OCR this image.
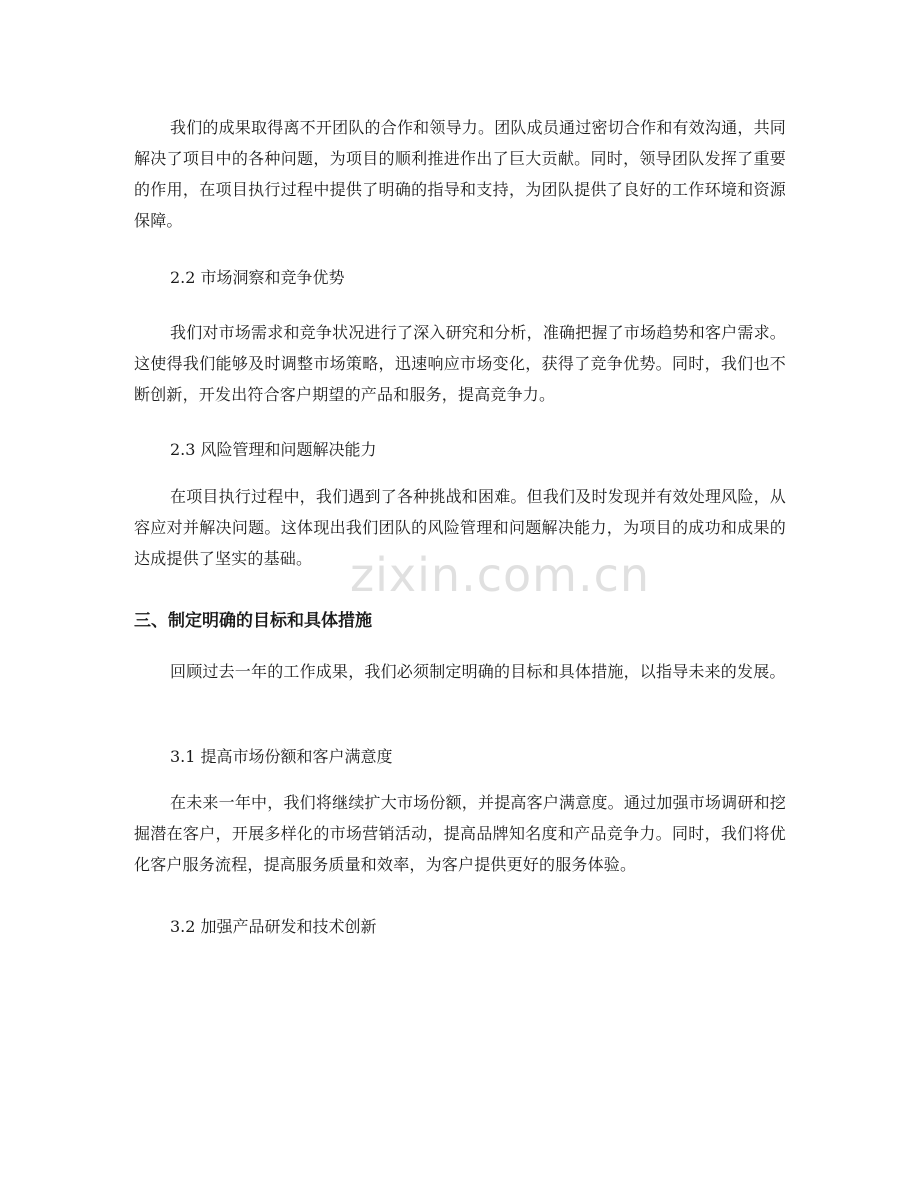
我们的成果取得离不开团队的合作和领导力。团队成员通过密切合作和有效沟通，共同解决了项目中的各种问题，为项目的顺利推进作出了巨大贡献。同时，领导团队发挥了重要的作用，在项目执行过程中提供了明确的指导和支持，为团队提供了良好的工作环境和资源保障。

2.2 市场洞察和竞争优势

我们对市场需求和竞争状况进行了深入研究和分析，准确把握了市场趋势和客户需求。这使得我们能够及时调整市场策略，迅速响应市场变化，获得了竞争优势。同时，我们也不断创新，开发出符合客户期望的产品和服务，提高竞争力。

2.3 风险管理和问题解决能力

在项目执行过程中，我们遇到了各种挑战和困难。但我们及时发现并有效处理风险，从容应对并解决问题。这体现出我们团队的风险管理和问题解决能力，为项目的成功和成果的达成提供了坚实的基础。

三、制定明确的目标和具体措施

回顾过去一年的工作成果，我们必须制定明确的目标和具体措施，以指导未来的发展。

3.1 提高市场份额和客户满意度

在未来一年中，我们将继续扩大市场份额，并提高客户满意度。通过加强市场调研和挖掘潜在客户，开展多样化的市场营销活动，提高品牌知名度和产品竞争力。同时，我们将优化客户服务流程，提高服务质量和效率，为客户提供更好的服务体验。

3.2 加强产品研发和技术创新

zixin.com.cn
